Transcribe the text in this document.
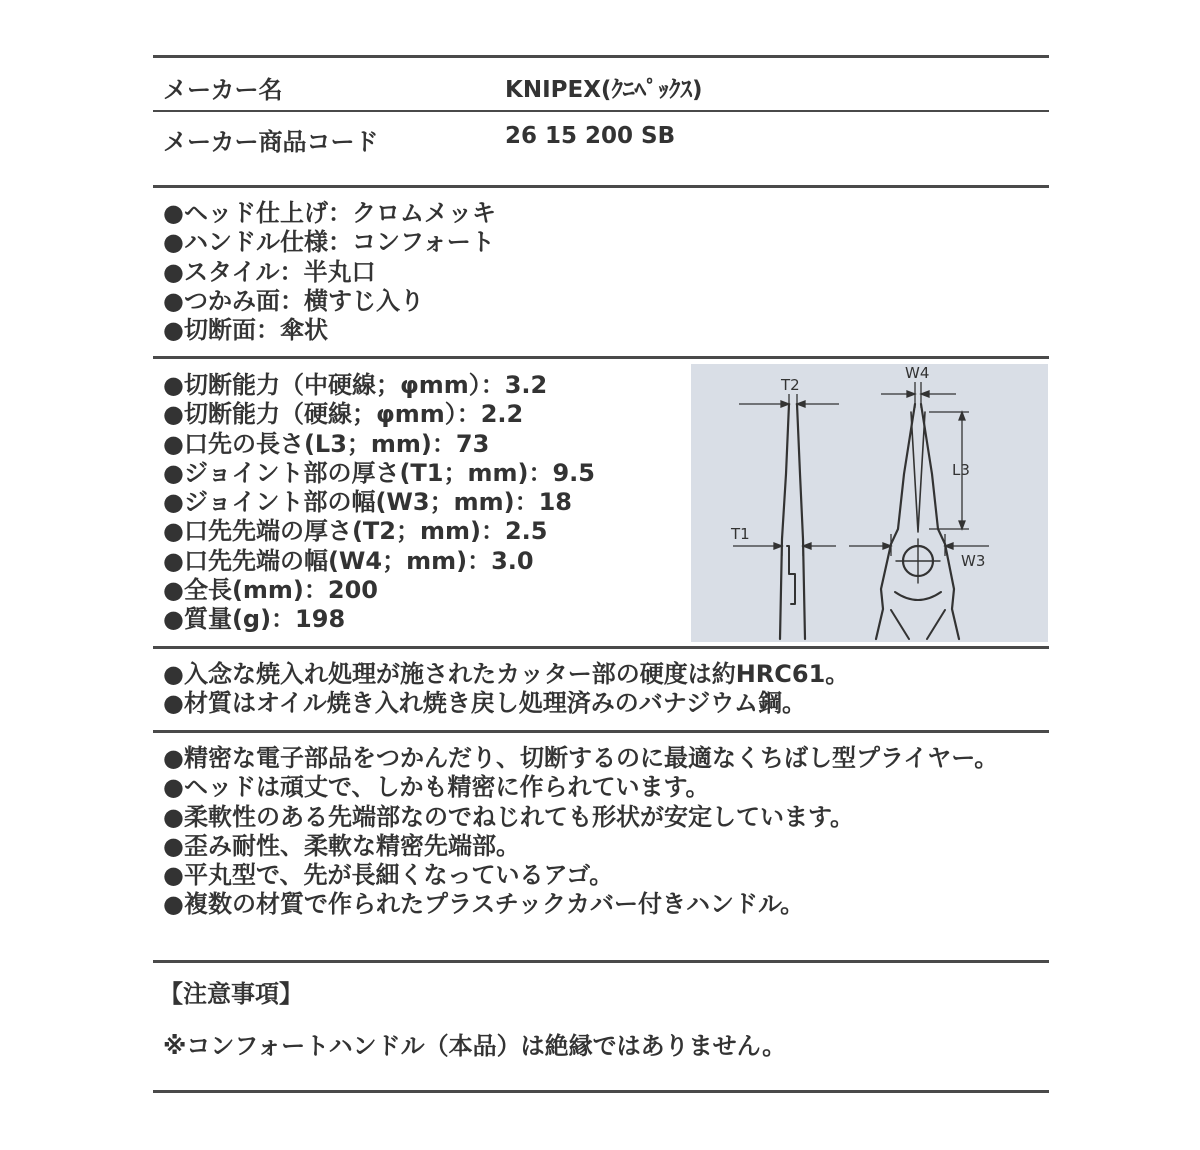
メーカー名	KNIPEX(ｸﾆﾍﾟｯｸｽ)
メーカー商品コード	26 15 200 SB
●ヘッド仕上げ：クロムメッキ
●ハンドル仕様：コンフォート
●スタイル：半丸口
●つかみ面：横すじ入り
●切断面：傘状
●切断能力（中硬線；φmm）：3.2
●切断能力（硬線；φmm）：2.2
●口先の長さ(L3；mm)：73
●ジョイント部の厚さ(T1；mm)：9.5
●ジョイント部の幅(W3；mm)：18
●口先先端の厚さ(T2；mm)：2.5
●口先先端の幅(W4；mm)：3.0
●全長(mm)：200
●質量(g)：198
T2
W4
L3
T1
W3
●入念な焼入れ処理が施されたカッター部の硬度は約HRC61。
●材質はオイル焼き入れ焼き戻し処理済みのバナジウム鋼。
●精密な電子部品をつかんだり、切断するのに最適なくちばし型プライヤー。
●ヘッドは頑丈で、しかも精密に作られています。
●柔軟性のある先端部なのでねじれても形状が安定しています。
●歪み耐性、柔軟な精密先端部。
●平丸型で、先が長細くなっているアゴ。
●複数の材質で作られたプラスチックカバー付きハンドル。
【注意事項】
※コンフォートハンドル（本品）は絶縁ではありません。
